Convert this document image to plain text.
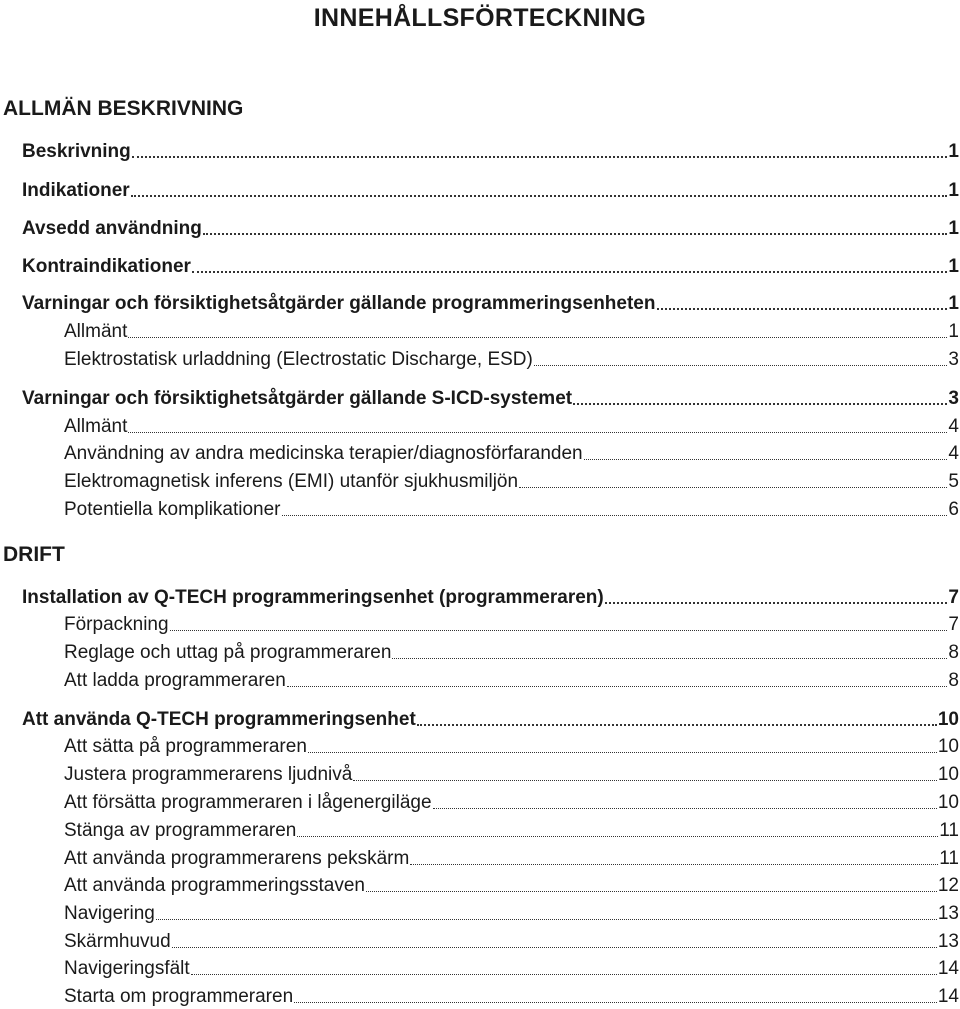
INNEHÅLLSFÖRTECKNING
ALLMÄN BESKRIVNING
Beskrivning	1
Indikationer	1
Avsedd användning	1
Kontraindikationer	1
Varningar och försiktighetsåtgärder gällande programmeringsenheten	1
Allmänt	1
Elektrostatisk urladdning (Electrostatic Discharge, ESD)	3
Varningar och försiktighetsåtgärder gällande S-ICD-systemet	3
Allmänt	4
Användning av andra medicinska terapier/diagnosförfaranden	4
Elektromagnetisk inferens (EMI) utanför sjukhusmiljön	5
Potentiella komplikationer	6
DRIFT
Installation av Q-TECH programmeringsenhet (programmeraren)	7
Förpackning	7
Reglage och uttag på programmeraren	8
Att ladda programmeraren	8
Att använda Q-TECH programmeringsenhet	10
Att sätta på programmeraren	10
Justera programmerarens ljudnivå	10
Att försätta programmeraren i lågenergiläge	10
Stänga av programmeraren	11
Att använda programmerarens pekskärm	11
Att använda programmeringsstaven	12
Navigering	13
Skärmhuvud	13
Navigeringsfält	14
Starta om programmeraren	14
